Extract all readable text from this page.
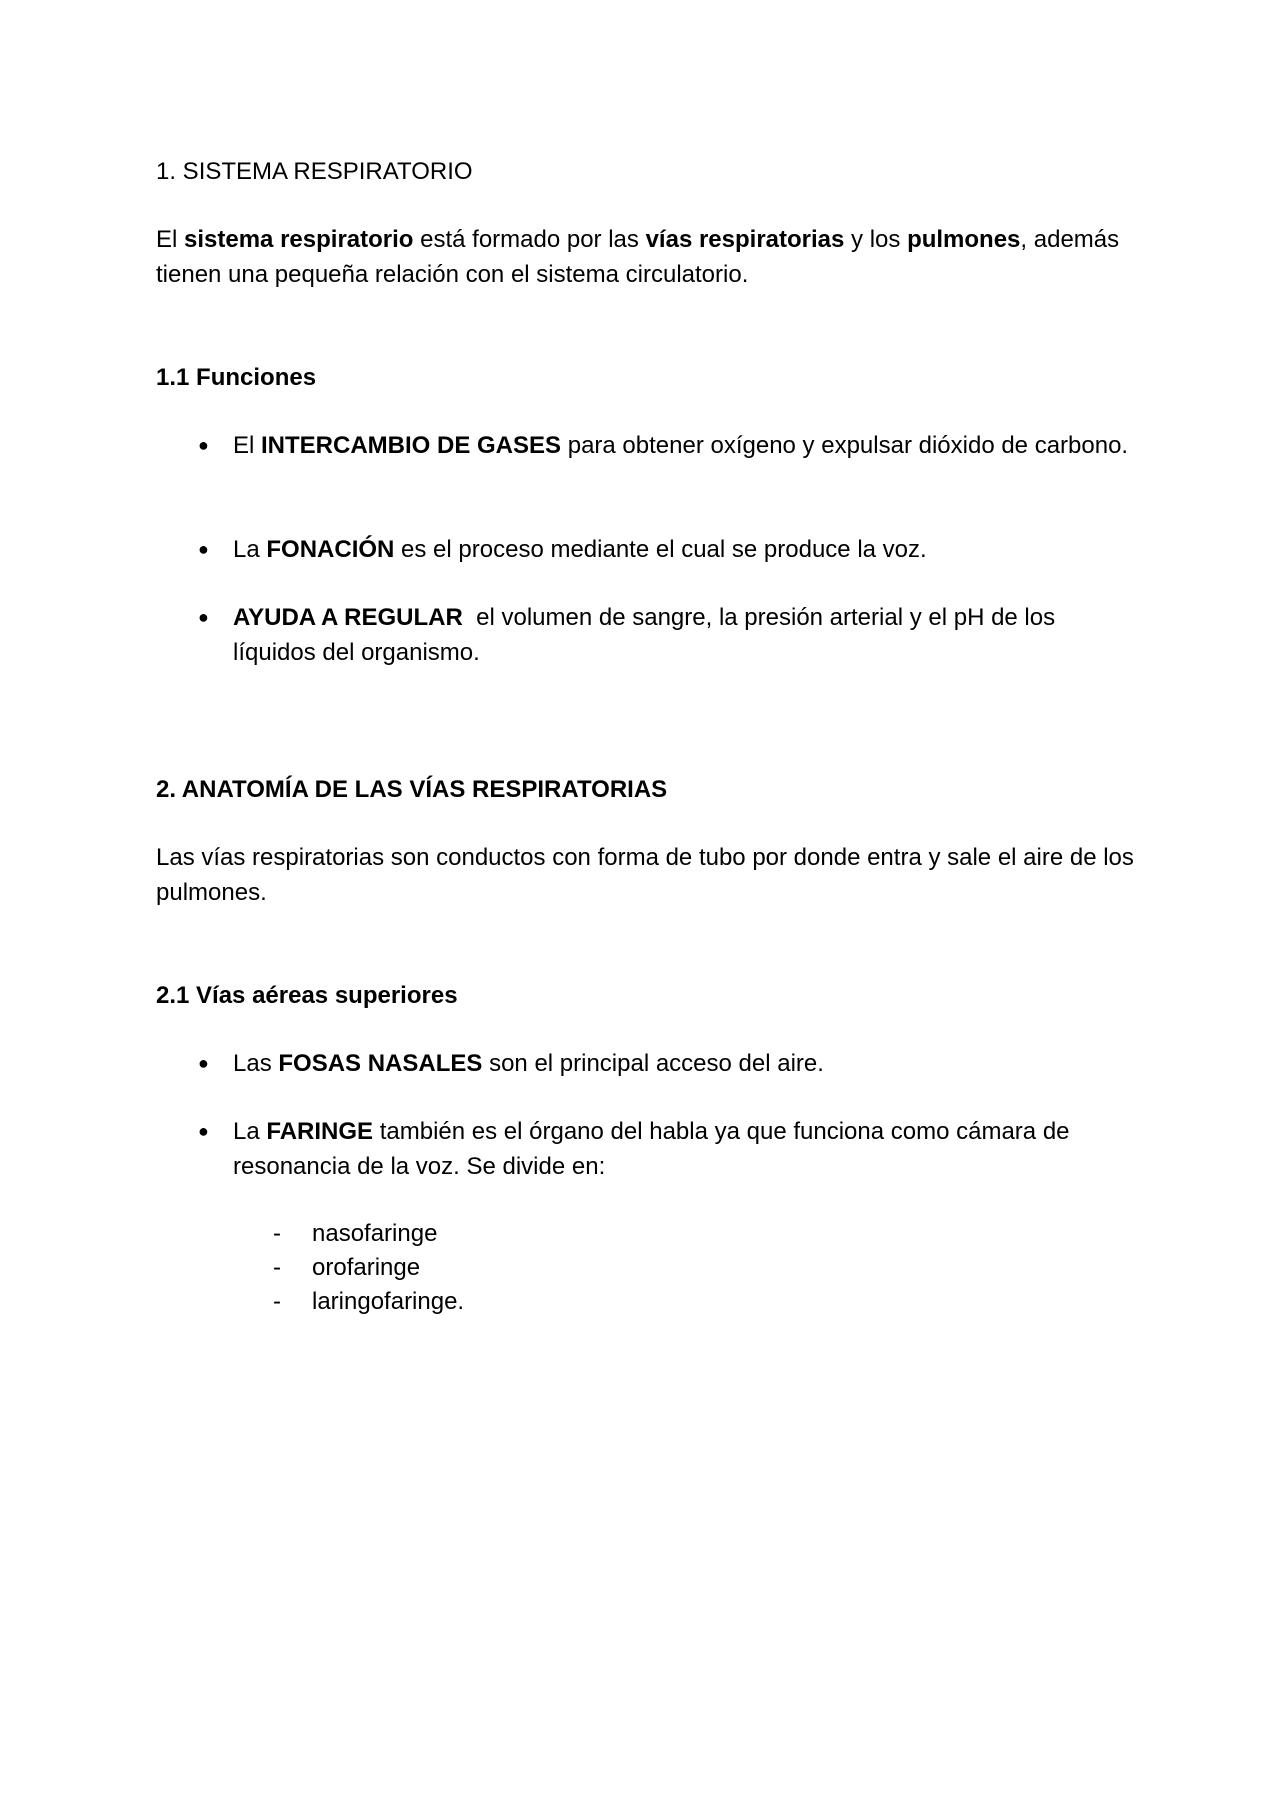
1. SISTEMA RESPIRATORIO

El sistema respiratorio está formado por las vías respiratorias y los pulmones, además tienen una pequeña relación con el sistema circulatorio.

1.1 Funciones
●	El INTERCAMBIO DE GASES para obtener oxígeno y expulsar dióxido de carbono.
●	La FONACIÓN es el proceso mediante el cual se produce la voz.
●	AYUDA A REGULAR  el volumen de sangre, la presión arterial y el pH de los líquidos del organismo.
2. ANATOMÍA DE LAS VÍAS RESPIRATORIAS

Las vías respiratorias son conductos con forma de tubo por donde entra y sale el aire de los pulmones.

2.1 Vías aéreas superiores
●	Las FOSAS NASALES son el principal acceso del aire.
●	La FARINGE también es el órgano del habla ya que funciona como cámara de resonancia de la voz. Se divide en:
- nasofaringe
- orofaringe
- laringofaringe.
